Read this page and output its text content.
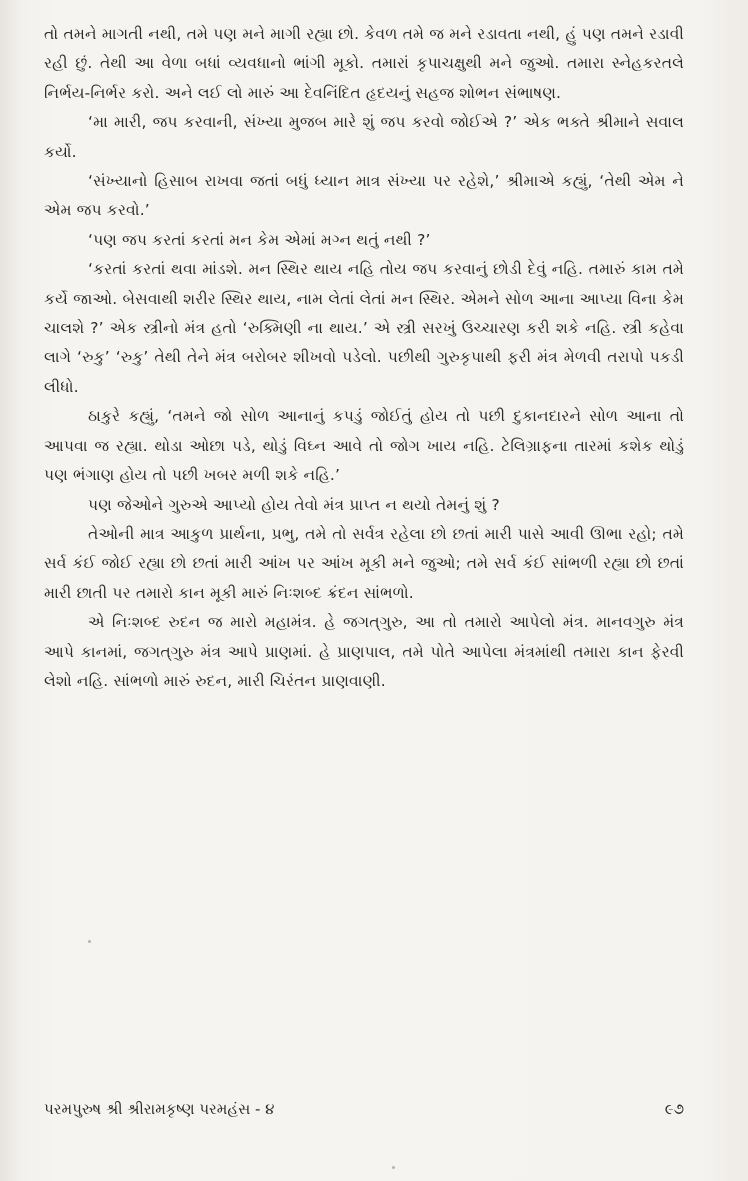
તો તમને માગતી નથી, તમે પણ મને માગી રહ્યા છો. કેવળ તમે જ મને રડાવતા નથી, હું પણ તમને રડાવી રહી છું. તેથી આ વેળા બધાં વ્યવધાનો ભાંગી મૂકો. તમારાં કૃપાચક્ષુથી મને જુઓ. તમારા સ્નેહકરતલે નિર્ભય-નિર્ભર કરો. અને લઈ લો મારું આ દેવનિંદિત હૃદયનું સહજ શોભન સંભાષણ.

‘મા મારી, જપ કરવાની, સંખ્યા મુજબ મારે શું જપ કરવો જોઈએ ?’ એક ભક્તે શ્રીમાને સવાલ કર્યો.

‘સંખ્યાનો હિસાબ રાખવા જતાં બધું ધ્યાન માત્ર સંખ્યા પર રહેશે,’ શ્રીમાએ કહ્યું, ‘તેથી એમ ને એમ જપ કરવો.’

‘પણ જપ કરતાં કરતાં મન કેમ એમાં મગ્ન થતું નથી ?’

‘કરતાં કરતાં થવા માંડશે. મન સ્થિર થાય નહિ તોય જપ કરવાનું છોડી દેવું નહિ. તમારું કામ તમે કર્યે જાઓ. બેસવાથી શરીર સ્થિર થાય, નામ લેતાં લેતાં મન સ્થિર. એમને સોળ આના આપ્યા વિના કેમ ચાલશે ?’ એક સ્ત્રીનો મંત્ર હતો ‘રુક્મિણી ના થાય.’ એ સ્ત્રી સરખું ઉચ્ચારણ કરી શકે નહિ. સ્ત્રી કહેવા લાગે ‘રુકુ’ ‘રુકુ’ તેથી તેને મંત્ર બરોબર શીખવો પડેલો. પછીથી ગુરુકૃપાથી ફરી મંત્ર મેળવી તરાપો પકડી લીધો.

ઠાકુરે કહ્યું, ‘તમને જો સોળ આનાનું કપડું જોઈતું હોય તો પછી દુકાનદારને સોળ આના તો આપવા જ રહ્યા. થોડા ઓછા પડે, થોડું વિઘ્ન આવે તો જોગ ખાય નહિ. ટેલિગ્રાફના તારમાં કશેક થોડું પણ ભંગાણ હોય તો પછી ખબર મળી શકે નહિ.’

પણ જેઓને ગુરુએ આપ્યો હોય તેવો મંત્ર પ્રાપ્ત ન થયો તેમનું શું ?

તેઓની માત્ર આકુળ પ્રાર્થના, પ્રભુ, તમે તો સર્વત્ર રહેલા છો છતાં મારી પાસે આવી ઊભા રહો; તમે સર્વ કંઈ જોઈ રહ્યા છો છતાં મારી આંખ પર આંખ મૂકી મને જુઓ; તમે સર્વ કંઈ સાંભળી રહ્યા છો છતાં મારી છાતી પર તમારો કાન મૂકી મારું નિઃશબ્દ ક્રંદન સાંભળો.

એ નિઃશબ્દ રુદન જ મારો મહામંત્ર. હે જગત્‌ગુરુ, આ તો તમારો આપેલો મંત્ર. માનવગુરુ મંત્ર આપે કાનમાં, જગત્‌ગુરુ મંત્ર આપે પ્રાણમાં. હે પ્રાણપાલ, તમે પોતે આપેલા મંત્રમાંથી તમારા કાન ફેરવી લેશો નહિ. સાંભળો મારું રુદન, મારી ચિરંતન પ્રાણવાણી.

પરમપુરુષ શ્રી શ્રીરામકૃષ્ણ પરમહંસ - ૪	૯૭
